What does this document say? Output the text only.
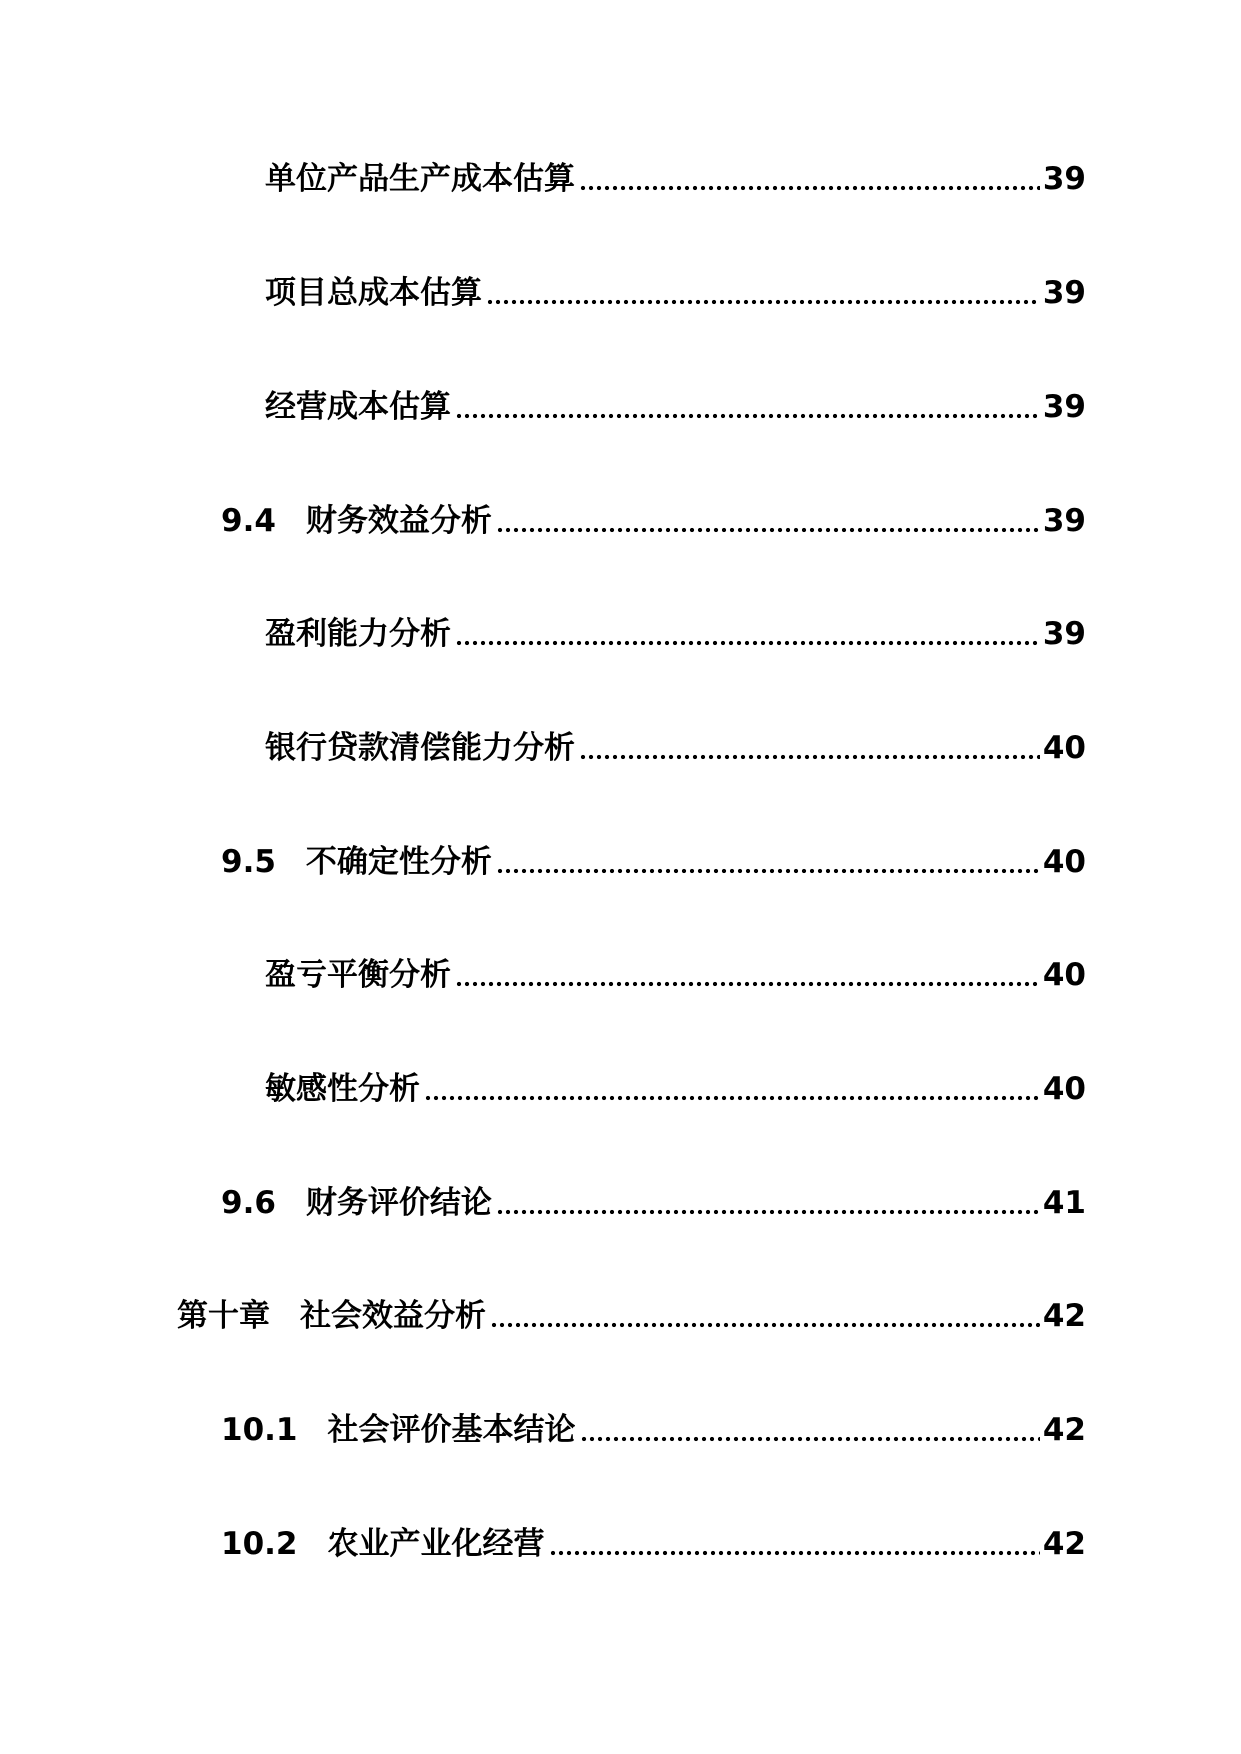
单位产品生产成本估算	39
项目总成本估算	39
经营成本估算	39
9.4 财务效益分析	39
盈利能力分析	39
银行贷款清偿能力分析	40
9.5 不确定性分析	40
盈亏平衡分析	40
敏感性分析	40
9.6 财务评价结论	41
第十章 社会效益分析	42
10.1 社会评价基本结论	42
10.2 农业产业化经营	42
